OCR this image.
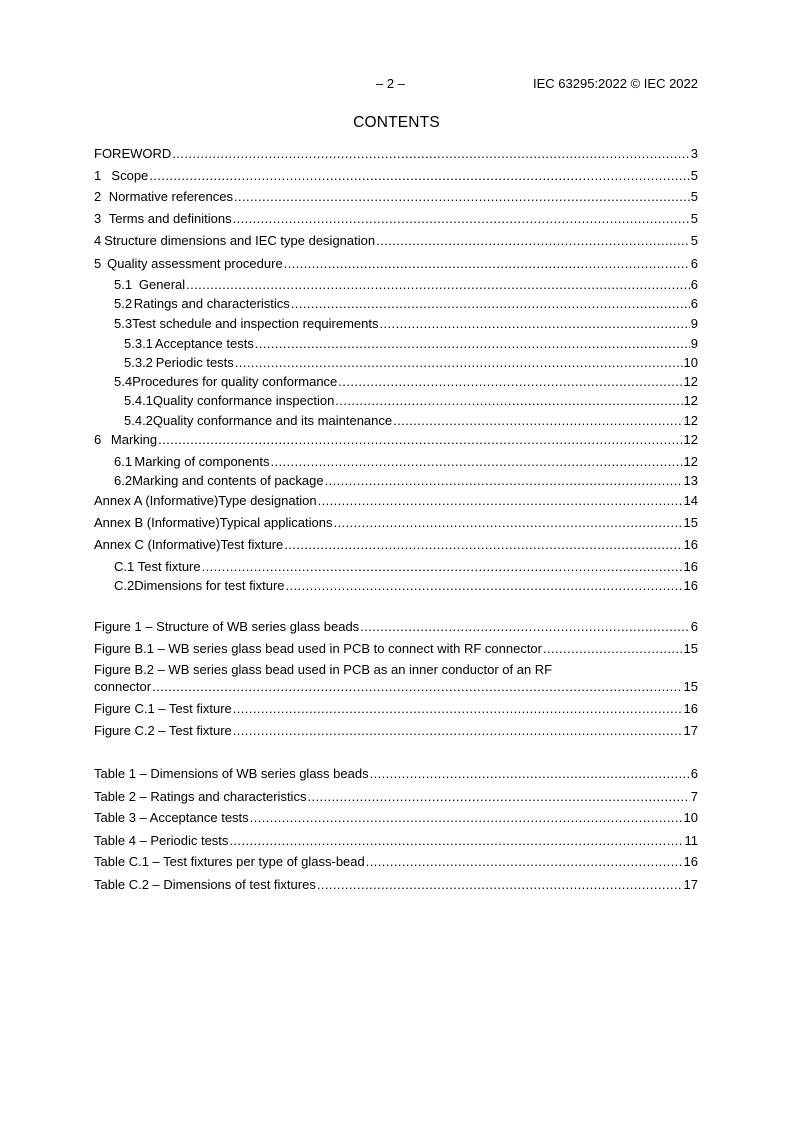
– 2 –	IEC 63295:2022 © IEC 2022
CONTENTS
FOREWORD .....	3
1 Scope .....	5
2 Normative references .....	5
3 Terms and definitions .....	5
4 Structure dimensions and IEC type designation .....	5
5 Quality assessment procedure .....	6
5.1 General .....	6
5.2 Ratings and characteristics .....	6
5.3 Test schedule and inspection requirements .....	9
5.3.1 Acceptance tests .....	9
5.3.2 Periodic tests .....	10
5.4 Procedures for quality conformance .....	12
5.4.1 Quality conformance inspection .....	12
5.4.2 Quality conformance and its maintenance .....	12
6 Marking .....	12
6.1 Marking of components .....	12
6.2 Marking and contents of package .....	13
Annex A (Informative) Type designation .....	14
Annex B (Informative) Typical applications .....	15
Annex C (Informative) Test fixture .....	16
C.1 Test fixture .....	16
C.2 Dimensions for test fixture .....	16
Figure 1 – Structure of WB series glass beads .....	6
Figure B.1 – WB series glass bead used in PCB to connect with RF connector .....	15
Figure B.2 – WB series glass bead used in PCB as an inner conductor of an RF
connector .....	15
Figure C.1 – Test fixture .....	16
Figure C.2 – Test fixture .....	17
Table 1 – Dimensions of WB series glass beads .....	6
Table 2 – Ratings and characteristics .....	7
Table 3 – Acceptance tests .....	10
Table 4 – Periodic tests .....	11
Table C.1 – Test fixtures per type of glass-bead .....	16
Table C.2 – Dimensions of test fixtures .....	17
